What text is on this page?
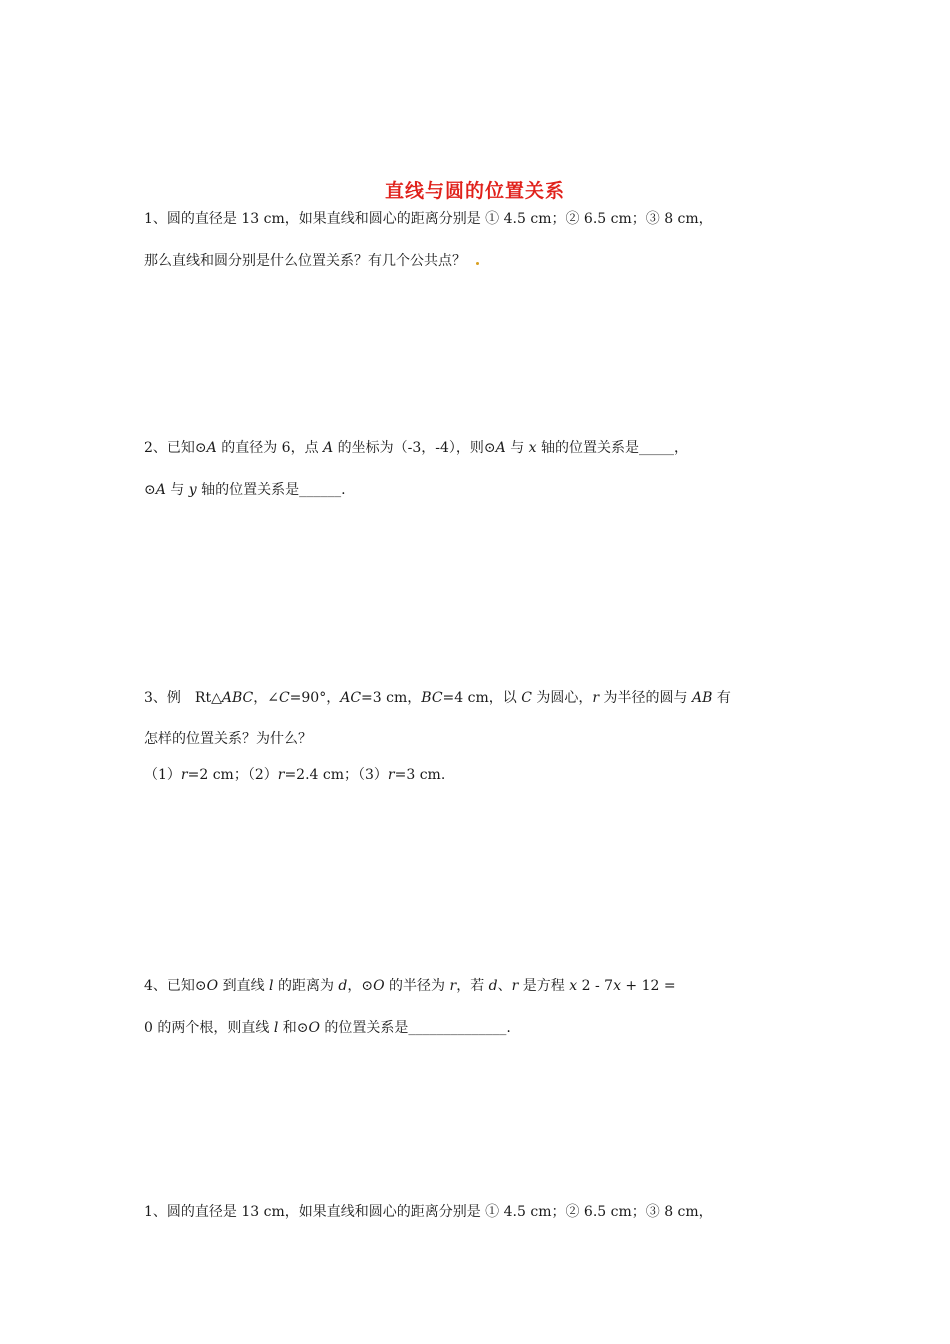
直线与圆的位置关系
1、圆的直径是 13 cm，如果直线和圆心的距离分别是 ① 4.5 cm；② 6.5 cm；③ 8 cm，
那么直线和圆分别是什么位置关系？有几个公共点？
2、已知⊙A 的直径为 6，点 A 的坐标为（-3，-4），则⊙A 与 x 轴的位置关系是_____，
⊙A 与 y 轴的位置关系是______.
3、例　Rt△ABC，∠C=90°，AC=3 cm，BC=4 cm，以 C 为圆心，r 为半径的圆与 AB 有
怎样的位置关系？为什么？
（1）r=2 cm；（2）r=2.4 cm；（3）r=3 cm.
4、已知⊙O 到直线 l 的距离为 d，⊙O 的半径为 r，若 d、r 是方程 x 2 - 7x + 12 =
0 的两个根，则直线 l 和⊙O 的位置关系是______________.
1、圆的直径是 13 cm，如果直线和圆心的距离分别是 ① 4.5 cm；② 6.5 cm；③ 8 cm，
